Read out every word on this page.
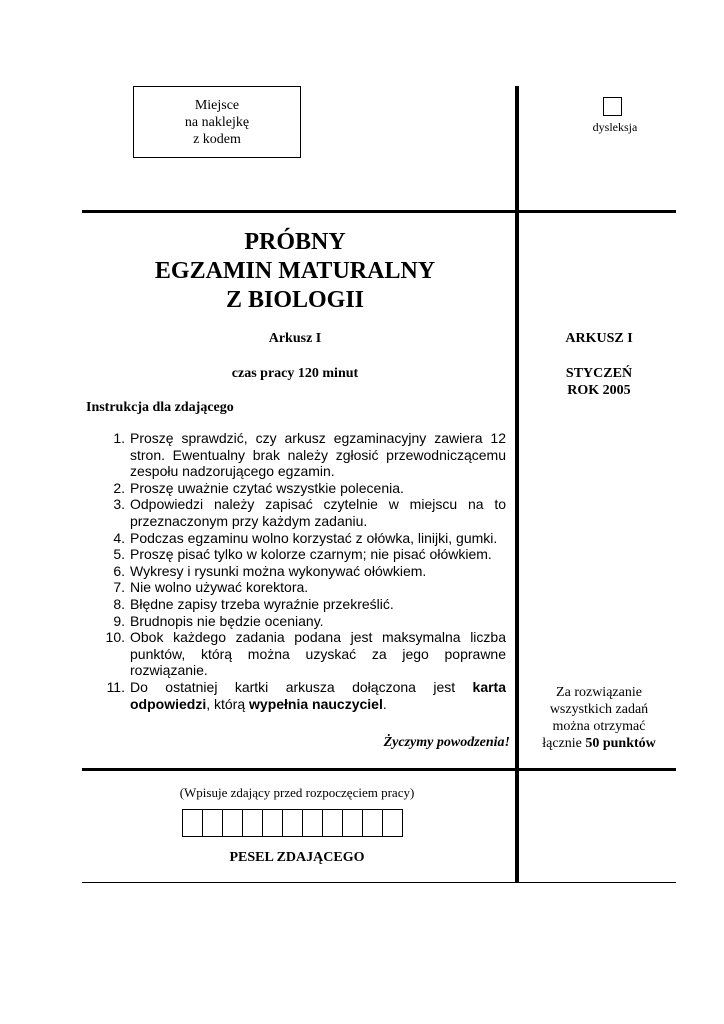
Miejsce
na naklejkę
z kodem
dysleksja
PRÓBNY
EGZAMIN MATURALNY
Z BIOLOGII
Arkusz I
czas pracy 120 minut
ARKUSZ I
STYCZEŃ
ROK 2005
Za rozwiązanie
wszystkich zadań
można otrzymać
łącznie 50 punktów
Instrukcja dla zdającego
1. Proszę sprawdzić, czy arkusz egzaminacyjny zawiera 12 stron. Ewentualny brak należy zgłosić przewodniczącemu zespołu nadzorującego egzamin.
2. Proszę uważnie czytać wszystkie polecenia.
3. Odpowiedzi należy zapisać czytelnie w miejscu na to przeznaczonym przy każdym zadaniu.
4. Podczas egzaminu wolno korzystać z ołówka, linijki, gumki.
5. Proszę pisać tylko w kolorze czarnym; nie pisać ołówkiem.
6. Wykresy i rysunki można wykonywać ołówkiem.
7. Nie wolno używać korektora.
8. Błędne zapisy trzeba wyraźnie przekreślić.
9. Brudnopis nie będzie oceniany.
10. Obok każdego zadania podana jest maksymalna liczba punktów, którą można uzyskać za jego poprawne rozwiązanie.
11. Do ostatniej kartki arkusza dołączona jest karta odpowiedzi, którą wypełnia nauczyciel.
Życzymy powodzenia!
(Wpisuje zdający przed rozpoczęciem pracy)
PESEL ZDAJĄCEGO
